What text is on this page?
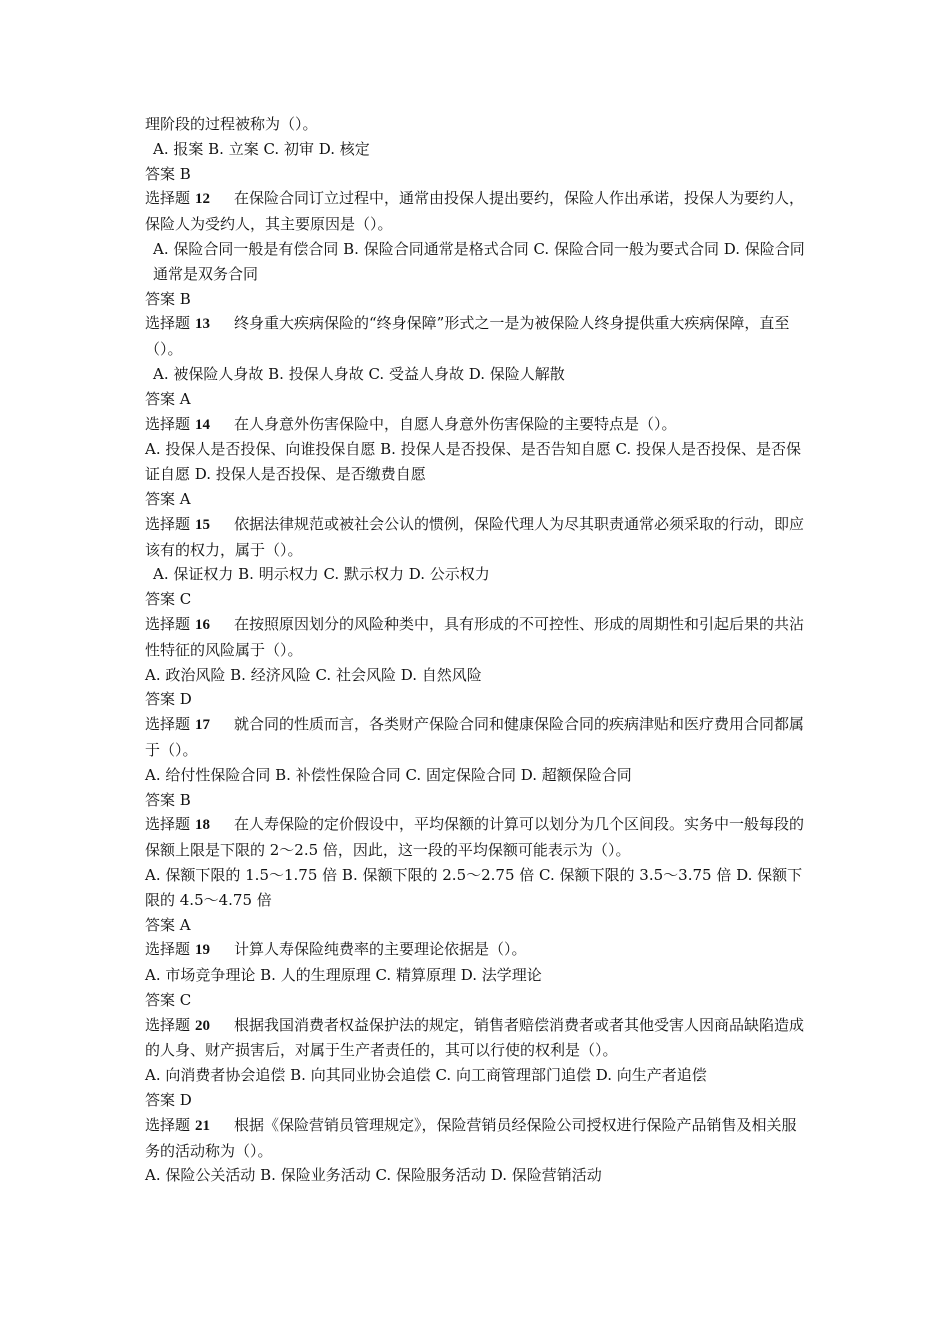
理阶段的过程被称为（）。
A. 报案 B. 立案 C. 初审 D. 核定
答案 B
选择题 12 在保险合同订立过程中，通常由投保人提出要约，保险人作出承诺，投保人为要约人，保险人为受约人，其主要原因是（）。
A. 保险合同一般是有偿合同 B. 保险合同通常是格式合同 C. 保险合同一般为要式合同 D. 保险合同通常是双务合同
答案 B
选择题 13 终身重大疾病保险的“终身保障”形式之一是为被保险人终身提供重大疾病保障，直至（）。
A. 被保险人身故 B. 投保人身故 C. 受益人身故 D. 保险人解散
答案 A
选择题 14 在人身意外伤害保险中，自愿人身意外伤害保险的主要特点是（）。
A. 投保人是否投保、向谁投保自愿 B. 投保人是否投保、是否告知自愿 C. 投保人是否投保、是否保证自愿 D. 投保人是否投保、是否缴费自愿
答案 A
选择题 15 依据法律规范或被社会公认的惯例，保险代理人为尽其职责通常必须采取的行动，即应该有的权力，属于（）。
A. 保证权力 B. 明示权力 C. 默示权力 D. 公示权力
答案 C
选择题 16 在按照原因划分的风险种类中，具有形成的不可控性、形成的周期性和引起后果的共沾性特征的风险属于（）。
A. 政治风险 B. 经济风险 C. 社会风险 D. 自然风险
答案 D
选择题 17 就合同的性质而言，各类财产保险合同和健康保险合同的疾病津贴和医疗费用合同都属于（）。
A. 给付性保险合同 B. 补偿性保险合同 C. 固定保险合同 D. 超额保险合同
答案 B
选择题 18 在人寿保险的定价假设中，平均保额的计算可以划分为几个区间段。实务中一般每段的保额上限是下限的 2～2.5 倍，因此，这一段的平均保额可能表示为（）。
A. 保额下限的 1.5～1.75 倍 B. 保额下限的 2.5～2.75 倍 C. 保额下限的 3.5～3.75 倍 D. 保额下限的 4.5～4.75 倍
答案 A
选择题 19 计算人寿保险纯费率的主要理论依据是（）。
A. 市场竞争理论 B. 人的生理原理 C. 精算原理 D. 法学理论
答案 C
选择题 20 根据我国消费者权益保护法的规定，销售者赔偿消费者或者其他受害人因商品缺陷造成的人身、财产损害后，对属于生产者责任的，其可以行使的权利是（）。
A. 向消费者协会追偿 B. 向其同业协会追偿 C. 向工商管理部门追偿 D. 向生产者追偿
答案 D
选择题 21 根据《保险营销员管理规定》，保险营销员经保险公司授权进行保险产品销售及相关服务的活动称为（）。
A. 保险公关活动 B. 保险业务活动 C. 保险服务活动 D. 保险营销活动
